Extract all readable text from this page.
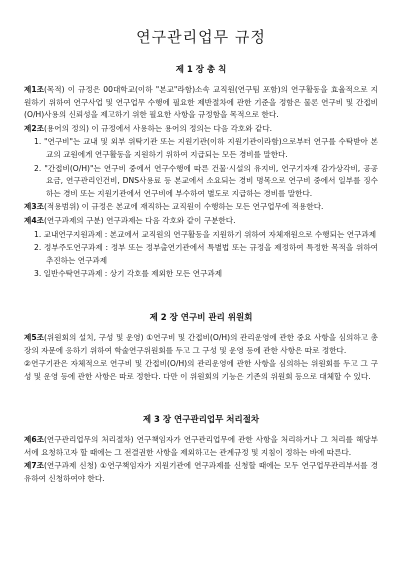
연구관리업무 규정
제 1 장 총 칙
제1조(목적) 이 규정은 00대학교(이하 "본교"라함)소속 교직원(연구팀 포함)의 연구활동을 효율적으로 지원하기 위하여 연구사업 및 연구업무 수행에 필요한 제반절차에 관한 기준을 정함은 물론 연구비 및 간접비(O/H)사용의 신뢰성을 제고하기 위한 필요한 사항을 규정함을 목적으로 한다.
제2조(용어의 정의) 이 규정에서 사용하는 용어의 정의는 다음 각호와 같다.
1. "연구비"는 교내 및 외부 위탁기관 또는 지원기관(이하 지원기관이라함)으로부터 연구를 수탁받아 본교의 교원에게 연구활동을 지원하기 위하여 지급되는 모든 경비를 말한다.
2. "간접비(O/H)"는 연구비 중에서 연구수행에 따른 건물·시설의 유지비, 연구기자재 감가상각비, 공공요금, 연구관리인건비, DNS사용료 등 본교에서 소요되는 경비 명목으로 연구비 중에서 일부를 징수하는 경비 또는 지원기관에서 연구비에 부수하여 별도로 지급하는 경비를 말한다.
제3조(적용범위) 이 규정은 본교에 재직하는 교직원이 수행하는 모든 연구업무에 적용한다.
제4조(연구과제의 구분) 연구과제는 다음 각호와 같이 구분한다.
1. 교내연구지원과제 : 본교에서 교직원의 연구활동을 지원하기 위하여 자체재원으로 수행되는 연구과제
2. 정부주도연구과제 : 정부 또는 정부출연기관에서 특별법 또는 규정을 제정하여 특정한 목적을 위하여 추진하는 연구과제
3. 일반수탁연구과제 : 상기 각호를 제외한 모든 연구과제
제 2 장 연구비 관리 위원회
제5조(위원회의 설치, 구성 및 운영) ①연구비 및 간접비(O/H)의 관리운영에 관한 중요 사항을 심의하고 총장의 자문에 응하기 위하여 학술연구위원회를 두고 그 구성 및 운영 등에 관한 사항은 따로 정한다.
②연구기관은 자체적으로 연구비 및 간접비(O/H)의 관리운영에 관한 사항을 심의하는 위원회를 두고 그 구성 및 운영 등에 관한 사항은 따로 정한다. 다만 이 위원회의 기능은 기존의 위원회 등으로 대체할 수 있다.
제 3 장 연구관리업무 처리절차
제6조(연구관리업무의 처리절차) 연구책임자가 연구관리업무에 관한 사항을 처리하거나 그 처리를 해당부서에 요청하고자 할 때에는 그 전결권한 사항을 제외하고는 관계규정 및 지침이 정하는 바에 따른다.
제7조(연구과제 신청) ①연구책임자가 지원기관에 연구과제를 신청할 때에는 모두 연구업무관리부서를 경유하여 신청하여야 한다.
